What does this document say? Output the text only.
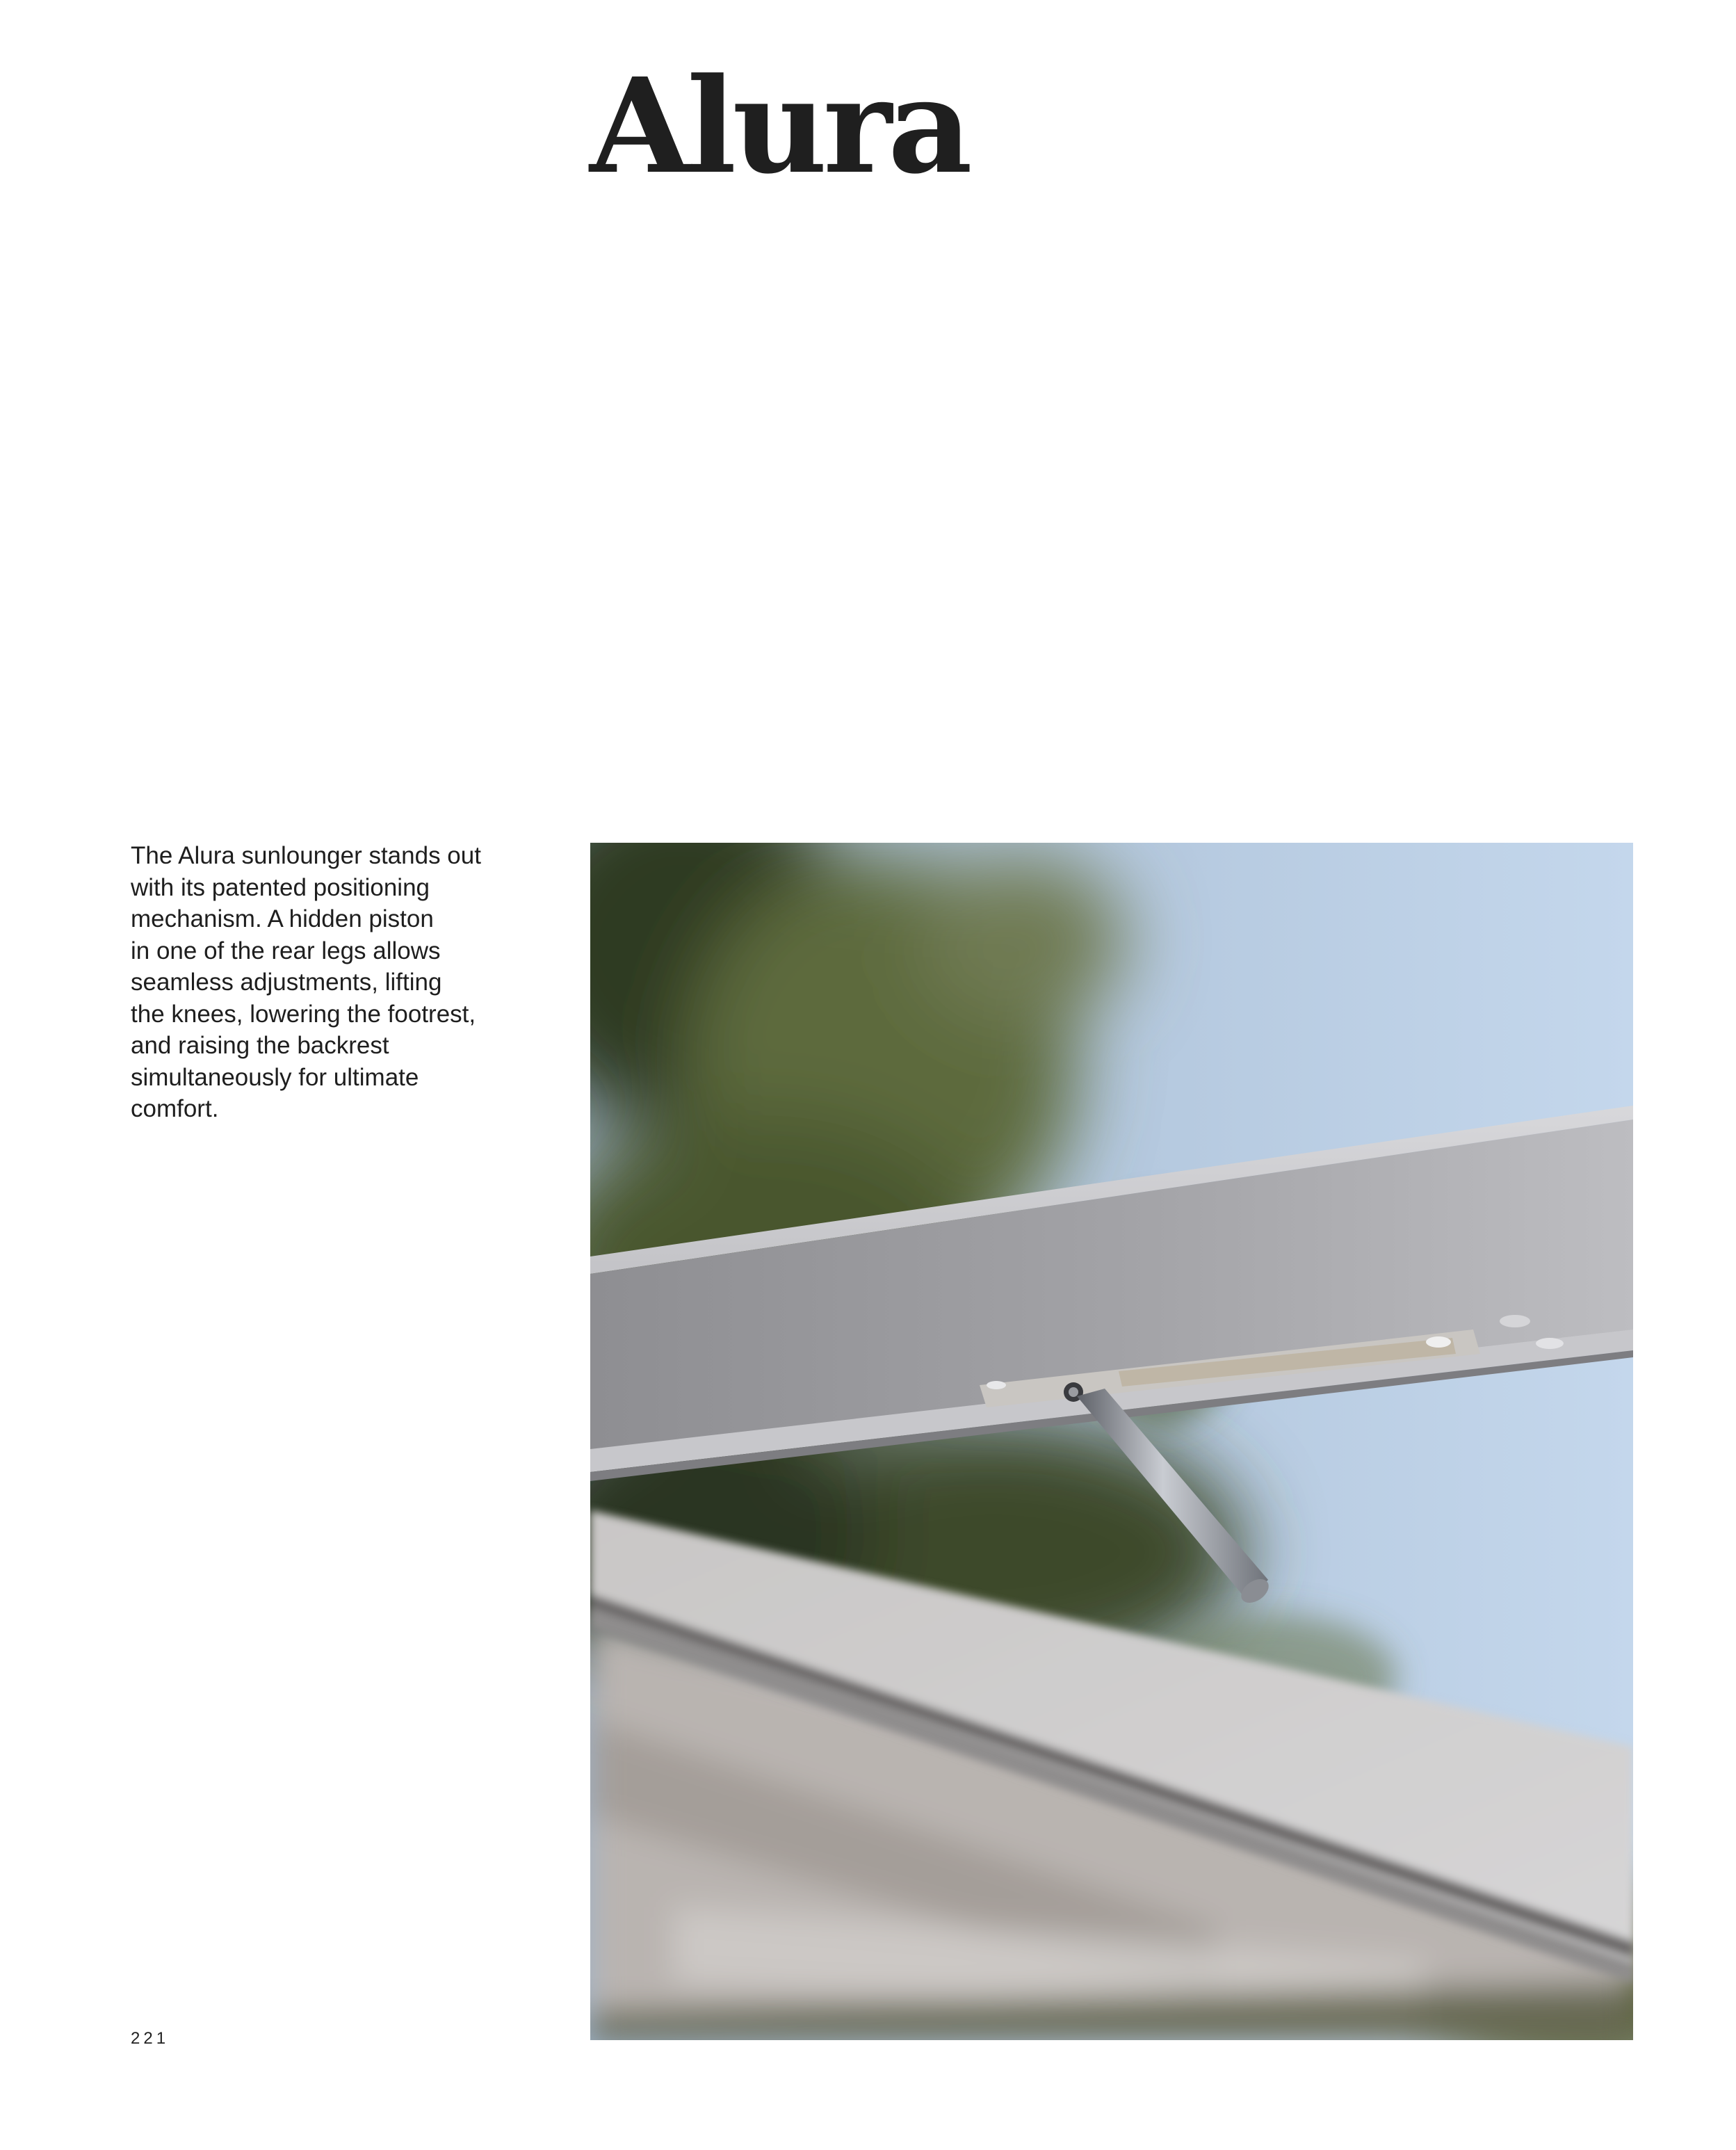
Alura

The Alura sunlounger stands out
with its patented positioning
mechanism. A hidden piston
in one of the rear legs allows
seamless adjustments, lifting
the knees, lowering the footrest,
and raising the backrest
simultaneously for ultimate
comfort.

221
